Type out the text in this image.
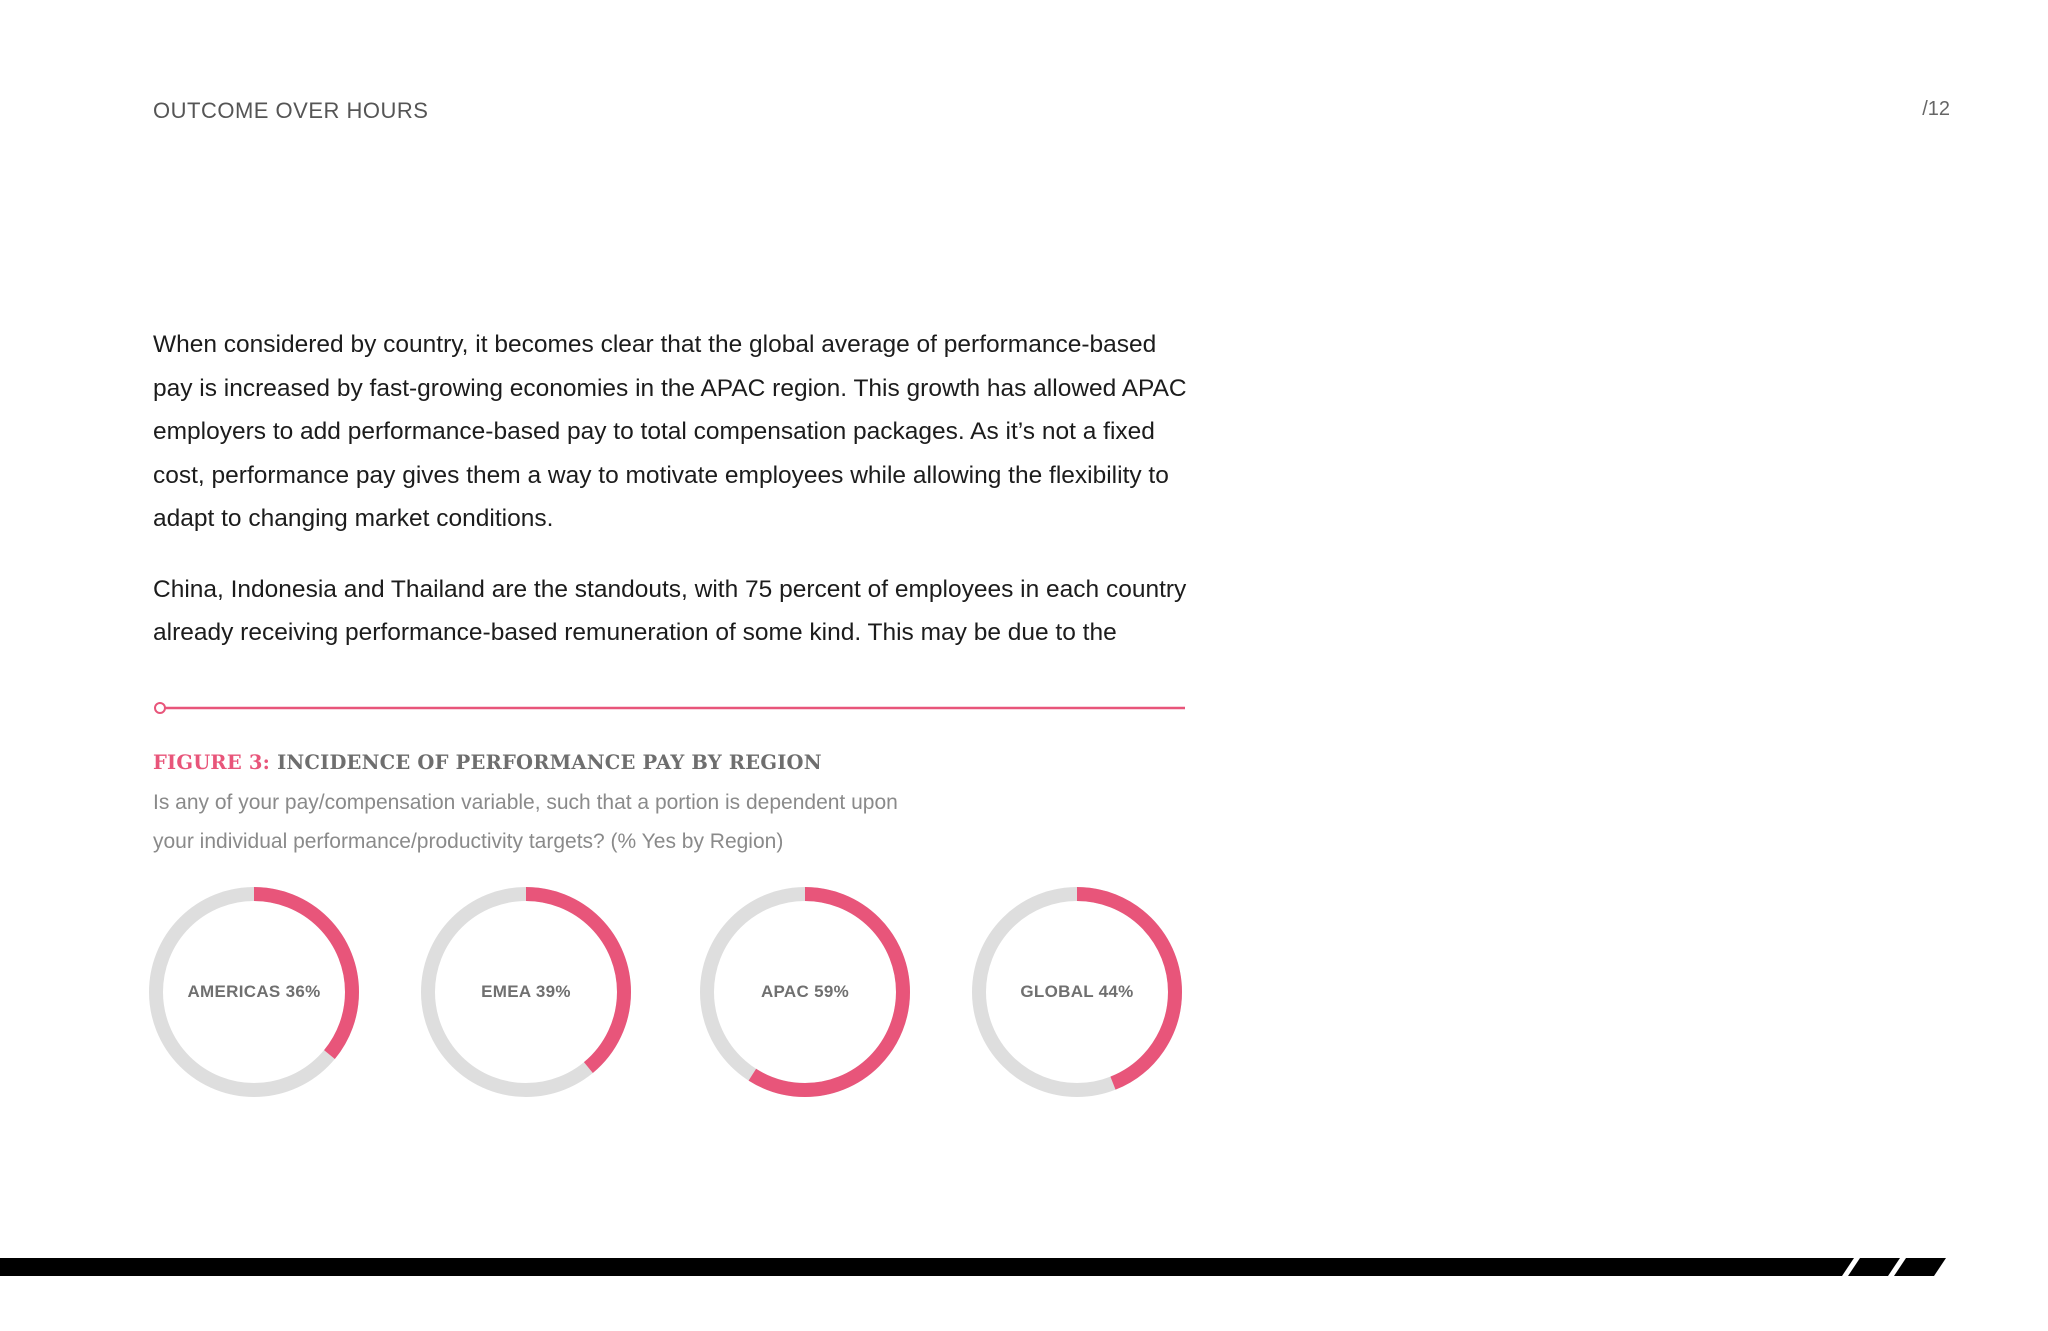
OUTCOME OVER HOURS	/12

When considered by country, it becomes clear that the global average of performance-based pay is increased by fast-growing economies in the APAC region. This growth has allowed APAC employers to add performance-based pay to total compensation packages. As it’s not a fixed cost, performance pay gives them a way to motivate employees while allowing the flexibility to adapt to changing market conditions.

China, Indonesia and Thailand are the standouts, with 75 percent of employees in each country already receiving performance-based remuneration of some kind. This may be due to the

FIGURE 3: INCIDENCE OF PERFORMANCE PAY BY REGION
Is any of your pay/compensation variable, such that a portion is dependent upon
your individual performance/productivity targets? (% Yes by Region)
AMERICAS 36%	EMEA 39%	APAC 59%	GLOBAL 44%
